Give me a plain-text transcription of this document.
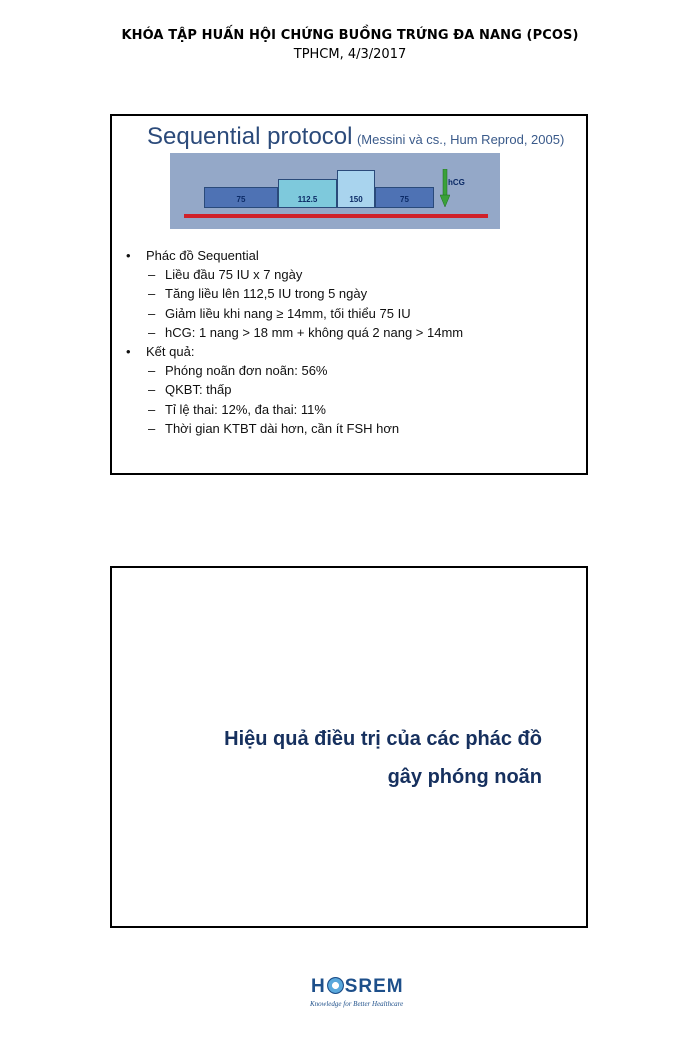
KHÓA TẬP HUẤN HỘI CHỨNG BUỒNG TRỨNG ĐA NANG (PCOS)
TPHCM, 4/3/2017
Sequential protocol (Messini và cs., Hum Reprod, 2005)
75	112.5	150	75
hCG
• Phác đồ Sequential
– Liều đầu 75 IU x 7 ngày
– Tăng liều lên 112,5 IU trong 5 ngày
– Giảm liều khi nang ≥ 14mm, tối thiểu 75 IU
– hCG: 1 nang > 18 mm + không quá 2 nang > 14mm
• Kết quả:
– Phóng noãn đơn noãn: 56%
– QKBT: thấp
– Tỉ lệ thai: 12%, đa thai: 11%
– Thời gian KTBT dài hơn, cần ít FSH hơn
Hiệu quả điều trị của các phác đồ
gây phóng noãn
H SREM
Knowledge for Better Healthcare
